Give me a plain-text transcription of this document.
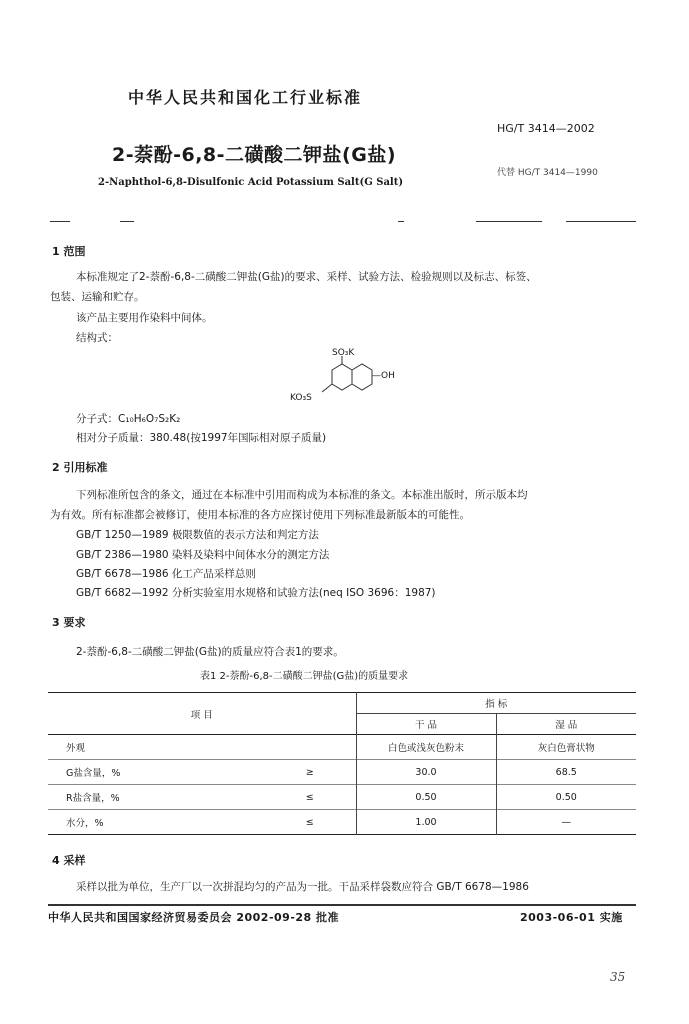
中华人民共和国化工行业标准
HG/T 3414—2002
2-萘酚-6,8-二磺酸二钾盐(G盐)
代替 HG/T 3414—1990
2-Naphthol-6,8-Disulfonic Acid Potassium Salt(G Salt)
1 范围
本标准规定了2-萘酚-6,8-二磺酸二钾盐(G盐)的要求、采样、试验方法、检验规则以及标志、标签、
包装、运输和贮存。
该产品主要用作染料中间体。
结构式：
SO₃K
—OH
KO₃S
分子式：C₁₀H₆O₇S₂K₂
相对分子质量：380.48(按1997年国际相对原子质量)
2 引用标准
下列标准所包含的条文，通过在本标准中引用而构成为本标准的条文。本标准出版时，所示版本均
为有效。所有标准都会被修订，使用本标准的各方应探讨使用下列标准最新版本的可能性。
GB/T 1250—1989 极限数值的表示方法和判定方法
GB/T 2386—1980 染料及染料中间体水分的测定方法
GB/T 6678—1986 化工产品采样总则
GB/T 6682—1992 分析实验室用水规格和试验方法(neq ISO 3696：1987)
3 要求
2-萘酚-6,8-二磺酸二钾盐(G盐)的质量应符合表1的要求。
表1 2-萘酚-6,8-二磺酸二钾盐(G盐)的质量要求
项 目		指 标	
		干 品	湿 品
外观		白色或浅灰色粉末	灰白色膏状物
G盐含量，%	≥	30.0	68.5
R盐含量，%	≤	0.50	0.50
水分，%	≤	1.00	—
4 采样
采样以批为单位，生产厂以一次拼混均匀的产品为一批。干品采样袋数应符合 GB/T 6678—1986
中华人民共和国国家经济贸易委员会 2002-09-28 批准	2003-06-01 实施
35
